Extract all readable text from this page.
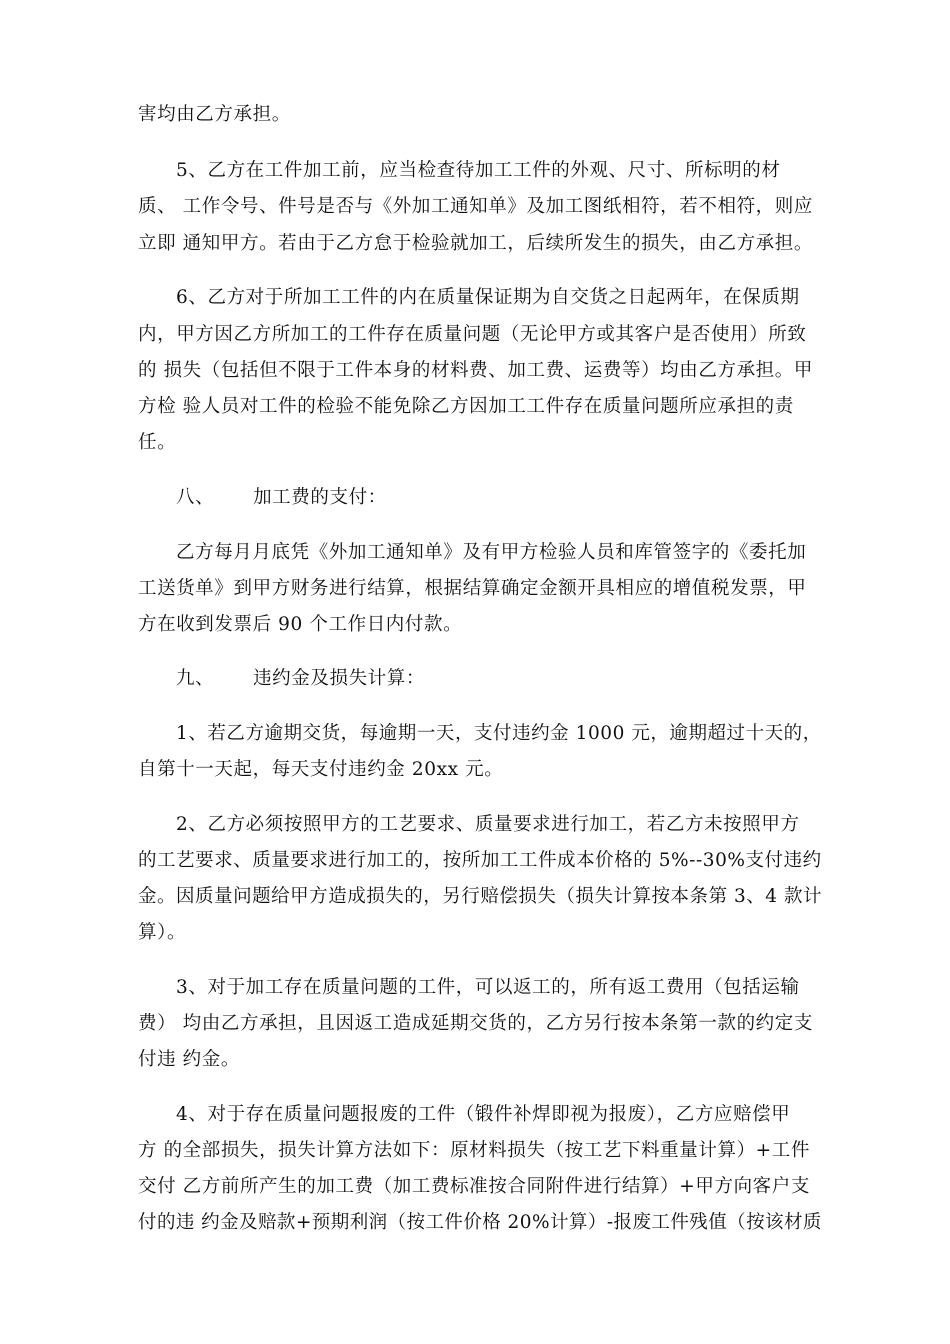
害均由乙方承担。
5、乙方在工件加工前，应当检查待加工工件的外观、尺寸、所标明的材
质、 工作令号、件号是否与《外加工通知单》及加工图纸相符，若不相符，则应
立即 通知甲方。若由于乙方怠于检验就加工，后续所发生的损失，由乙方承担。
6、乙方对于所加工工件的内在质量保证期为自交货之日起两年，在保质期
内，甲方因乙方所加工的工件存在质量问题（无论甲方或其客户是否使用）所致
的 损失（包括但不限于工件本身的材料费、加工费、运费等）均由乙方承担。甲
方检 验人员对工件的检验不能免除乙方因加工工件存在质量问题所应承担的责
任。
八、      加工费的支付：
乙方每月月底凭《外加工通知单》及有甲方检验人员和库管签字的《委托加
工送货单》到甲方财务进行结算，根据结算确定金额开具相应的增值税发票，甲
方在收到发票后 90 个工作日内付款。
九、      违约金及损失计算：
1、若乙方逾期交货，每逾期一天，支付违约金 1000 元，逾期超过十天的，
自第十一天起，每天支付违约金 20xx 元。
2、乙方必须按照甲方的工艺要求、质量要求进行加工，若乙方未按照甲方
的工艺要求、质量要求进行加工的，按所加工工件成本价格的 5%--30%支付违约
金。因质量问题给甲方造成损失的，另行赔偿损失（损失计算按本条第 3、4 款计
算）。
3、对于加工存在质量问题的工件，可以返工的，所有返工费用（包括运输
费） 均由乙方承担，且因返工造成延期交货的，乙方另行按本条第一款的约定支
付违 约金。
4、对于存在质量问题报废的工件（锻件补焊即视为报废），乙方应赔偿甲
方 的全部损失，损失计算方法如下：原材料损失（按工艺下料重量计算）+工件
交付 乙方前所产生的加工费（加工费标准按合同附件进行结算）+甲方向客户支
付的违 约金及赔款+预期利润（按工件价格 20%计算）-报废工件残值（按该材质
